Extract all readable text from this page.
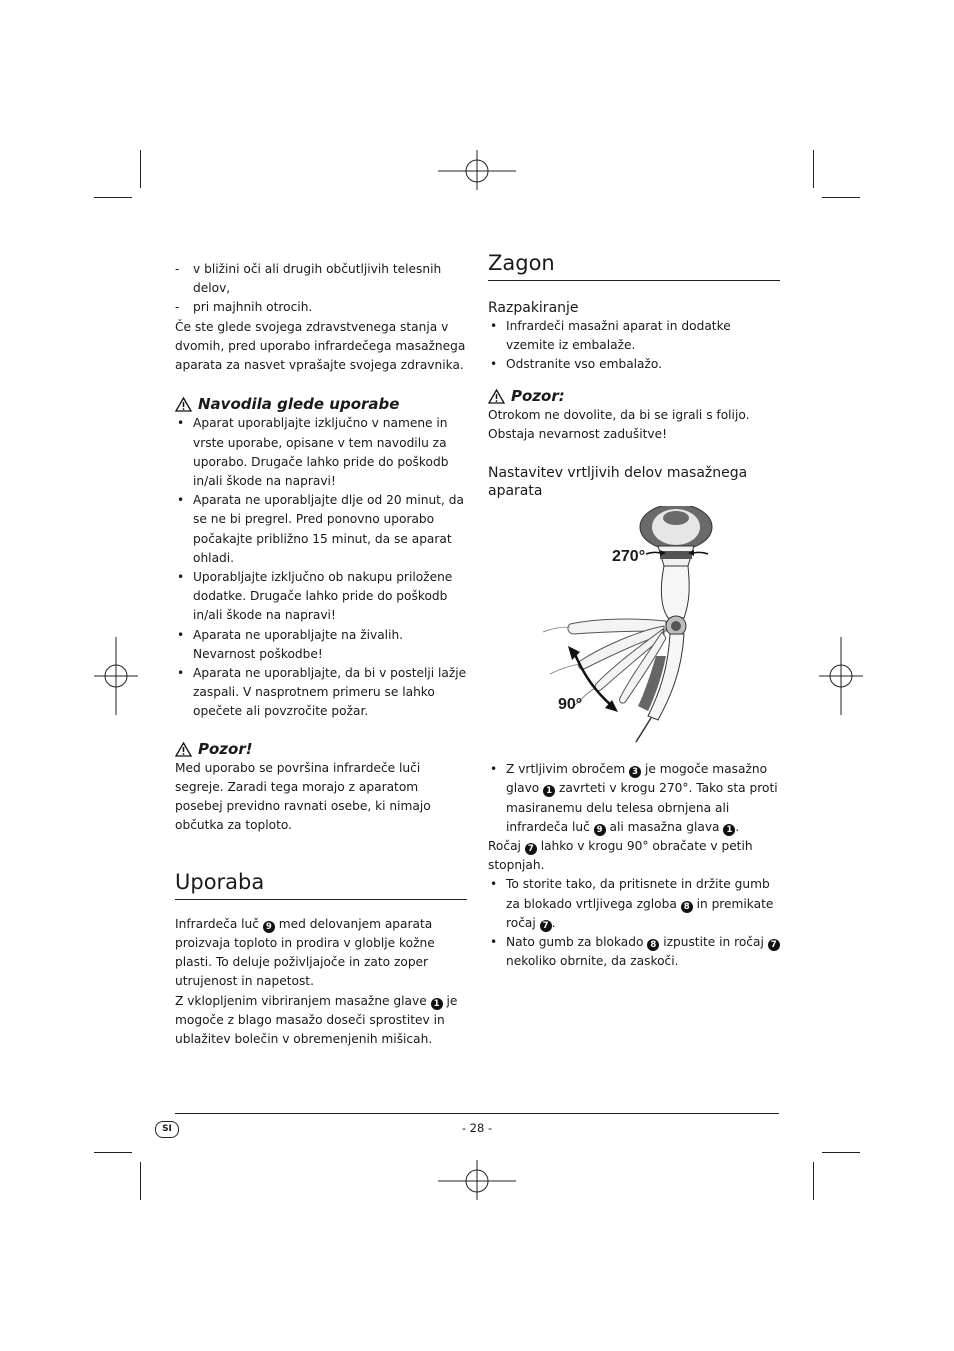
- v bližini oči ali drugih občutljivih telesnih delov,

- pri majhnih otrocih.

Če ste glede svojega zdravstvenega stanja v dvomih, pred uporabo infrardečega masažnega aparata za nasvet vprašajte svojega zdravnika.

Navodila glede uporabe
• Aparat uporabljajte izključno v namene in vrste uporabe, opisane v tem navodilu za uporabo. Drugače lahko pride do poškodb in/ali škode na napravi!
• Aparata ne uporabljajte dlje od 20 minut, da se ne bi pregrel. Pred ponovno uporabo počakajte približno 15 minut, da se aparat ohladi.
• Uporabljajte izključno ob nakupu priložene dodatke. Drugače lahko pride do poškodb in/ali škode na napravi!
• Aparata ne uporabljajte na živalih. Nevarnost poškodbe!
• Aparata ne uporabljajte, da bi v postelji lažje zaspali. V nasprotnem primeru se lahko opečete ali povzročite požar.
Pozor!

Med uporabo se površina infrardeče luči segreje. Zaradi tega morajo z aparatom posebej previdno ravnati osebe, ki nimajo občutka za toploto.

Uporaba

Infrardeča luč 9 med delovanjem aparata proizvaja toploto in prodira v globlje kožne plasti. To deluje poživljajoče in zato zoper utrujenost in napetost.

Z vklopljenim vibriranjem masažne glave 1 je mogoče z blago masažo doseči sprostitev in ublažitev bolečin v obremenjenih mišicah.

Zagon
Razpakiranje
• Infrardeči masažni aparat in dodatke vzemite iz embalaže.
• Odstranite vso embalažo.
Pozor:

Otrokom ne dovolite, da bi se igrali s folijo. Obstaja nevarnost zadušitve!

Nastavitev vrtljivih delov masažnega aparata
270°
90°
• Z vrtljivim obročem 3 je mogoče masažno glavo 1 zavrteti v krogu 270°. Tako sta proti masiranemu delu telesa obrnjena ali infrardeča luč 9 ali masažna glava 1 .

Ročaj 7 lahko v krogu 90° obračate v petih stopnjah.

• To storite tako, da pritisnete in držite gumb za blokado vrtljivega zgloba 8 in premikate ročaj 7 .
• Nato gumb za blokado 8 izpustite in ročaj 7 nekoliko obrnite, da zaskoči.
SI	- 28 -
